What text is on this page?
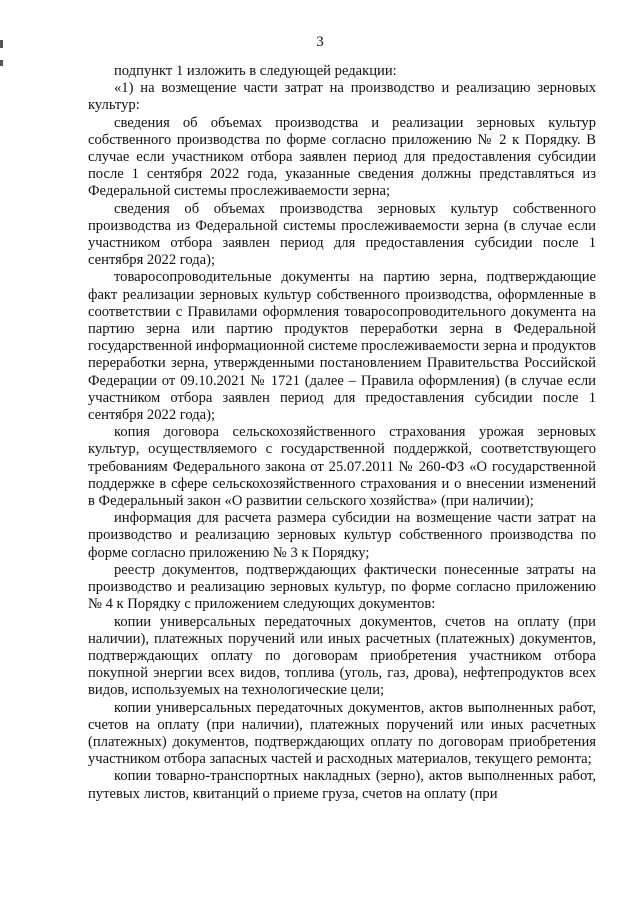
3

подпункт 1 изложить в следующей редакции:

«1) на возмещение части затрат на производство и реализацию зерновых культур:

сведения об объемах производства и реализации зерновых культур собственного производства по форме согласно приложению № 2 к Порядку. В случае если участником отбора заявлен период для предоставления субсидии после 1 сентября 2022 года, указанные сведения должны представляться из Федеральной системы прослеживаемости зерна;

сведения об объемах производства зерновых культур собственного производства из Федеральной системы прослеживаемости зерна (в случае если участником отбора заявлен период для предоставления субсидии после 1 сентября 2022 года);

товаросопроводительные документы на партию зерна, подтверждающие факт реализации зерновых культур собственного производства, оформленные в соответствии с Правилами оформления товаросопроводительного документа на партию зерна или партию продуктов переработки зерна в Федеральной государственной информационной системе прослеживаемости зерна и продуктов переработки зерна, утвержденными постановлением Правительства Российской Федерации от 09.10.2021 № 1721 (далее – Правила оформления) (в случае если участником отбора заявлен период для предоставления субсидии после 1 сентября 2022 года);

копия договора сельскохозяйственного страхования урожая зерновых культур, осуществляемого с государственной поддержкой, соответствующего требованиям Федерального закона от 25.07.2011 № 260-ФЗ «О государственной поддержке в сфере сельскохозяйственного страхования и о внесении изменений в Федеральный закон «О развитии сельского хозяйства» (при наличии);

информация для расчета размера субсидии на возмещение части затрат на производство и реализацию зерновых культур собственного производства по форме согласно приложению № 3 к Порядку;

реестр документов, подтверждающих фактически понесенные затраты на производство и реализацию зерновых культур, по форме согласно приложению № 4 к Порядку с приложением следующих документов:

копии универсальных передаточных документов, счетов на оплату (при наличии), платежных поручений или иных расчетных (платежных) документов, подтверждающих оплату по договорам приобретения участником отбора покупной энергии всех видов, топлива (уголь, газ, дрова), нефтепродуктов всех видов, используемых на технологические цели;

копии универсальных передаточных документов, актов выполненных работ, счетов на оплату (при наличии), платежных поручений или иных расчетных (платежных) документов, подтверждающих оплату по договорам приобретения участником отбора запасных частей и расходных материалов, текущего ремонта;

копии товарно-транспортных накладных (зерно), актов выполненных работ, путевых листов, квитанций о приеме груза, счетов на оплату (при
